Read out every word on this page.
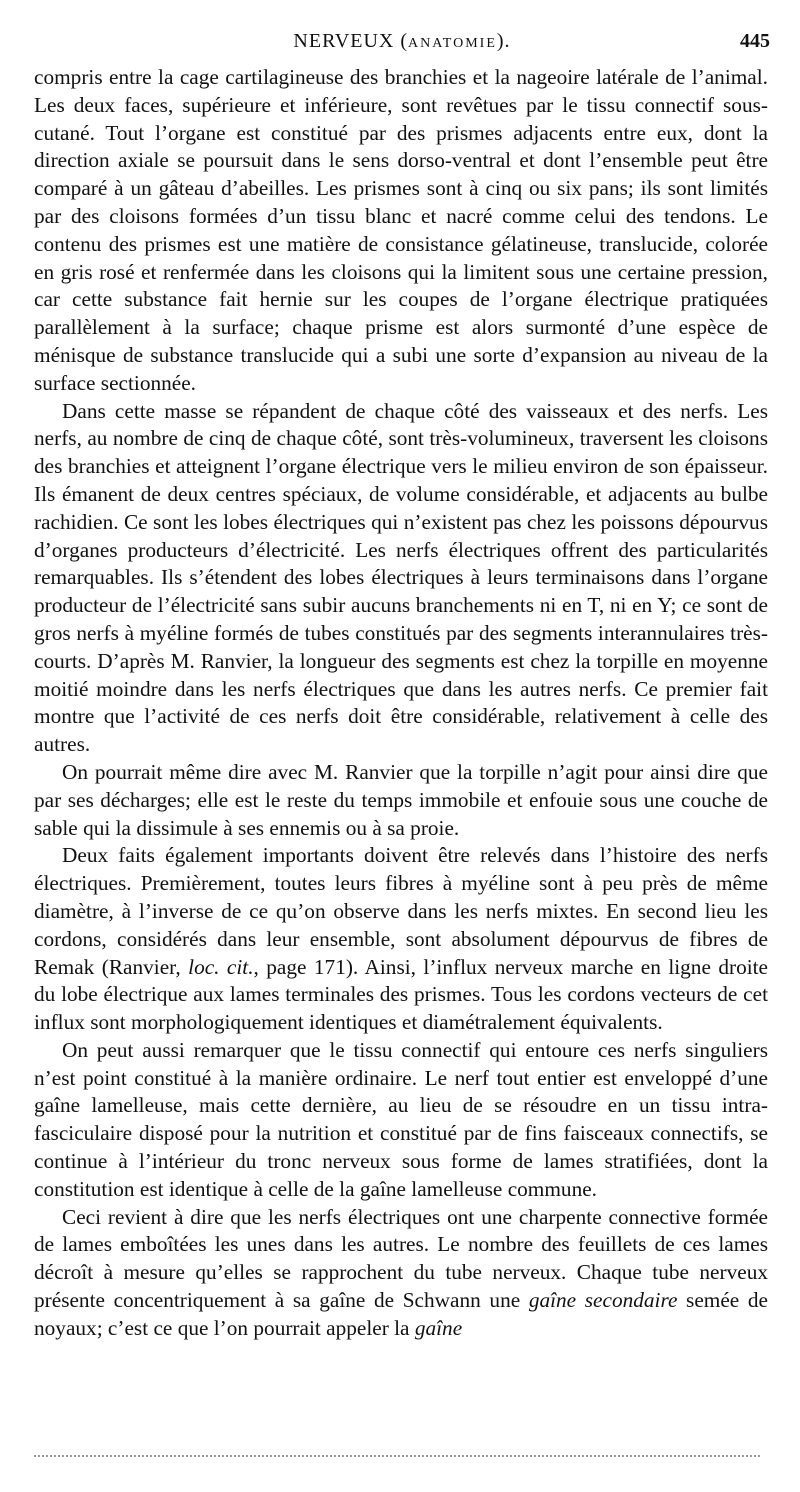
NERVEUX (ANATOMIE).	445

compris entre la cage cartilagineuse des branchies et la nageoire latérale de l’animal. Les deux faces, supérieure et inférieure, sont revêtues par le tissu connectif sous-cutané. Tout l’organe est constitué par des prismes adjacents entre eux, dont la direction axiale se poursuit dans le sens dorso-ventral et dont l’ensemble peut être comparé à un gâteau d’abeilles. Les prismes sont à cinq ou six pans; ils sont limités par des cloisons formées d’un tissu blanc et nacré comme celui des tendons. Le contenu des prismes est une matière de consistance gélatineuse, translucide, colorée en gris rosé et renfermée dans les cloisons qui la limitent sous une certaine pression, car cette substance fait hernie sur les coupes de l’organe électrique pratiquées parallèlement à la surface; chaque prisme est alors surmonté d’une espèce de ménisque de substance translucide qui a subi une sorte d’expansion au niveau de la surface sectionnée.

Dans cette masse se répandent de chaque côté des vaisseaux et des nerfs. Les nerfs, au nombre de cinq de chaque côté, sont très-volumineux, traversent les cloisons des branchies et atteignent l’organe électrique vers le milieu environ de son épaisseur. Ils émanent de deux centres spéciaux, de volume considérable, et adjacents au bulbe rachidien. Ce sont les lobes électriques qui n’existent pas chez les poissons dépourvus d’organes producteurs d’électricité. Les nerfs électriques offrent des particularités remarquables. Ils s’étendent des lobes électriques à leurs terminaisons dans l’organe producteur de l’électricité sans subir aucuns branchements ni en T, ni en Y; ce sont de gros nerfs à myéline formés de tubes constitués par des segments interannulaires très-courts. D’après M. Ranvier, la longueur des segments est chez la torpille en moyenne moitié moindre dans les nerfs électriques que dans les autres nerfs. Ce premier fait montre que l’activité de ces nerfs doit être considérable, relativement à celle des autres.

On pourrait même dire avec M. Ranvier que la torpille n’agit pour ainsi dire que par ses décharges; elle est le reste du temps immobile et enfouie sous une couche de sable qui la dissimule à ses ennemis ou à sa proie.

Deux faits également importants doivent être relevés dans l’histoire des nerfs électriques. Premièrement, toutes leurs fibres à myéline sont à peu près de même diamètre, à l’inverse de ce qu’on observe dans les nerfs mixtes. En second lieu les cordons, considérés dans leur ensemble, sont absolument dépourvus de fibres de Remak (Ranvier, loc. cit., page 171). Ainsi, l’influx nerveux marche en ligne droite du lobe électrique aux lames terminales des prismes. Tous les cordons vecteurs de cet influx sont morphologiquement identiques et diamétralement équivalents.

On peut aussi remarquer que le tissu connectif qui entoure ces nerfs singuliers n’est point constitué à la manière ordinaire. Le nerf tout entier est enveloppé d’une gaîne lamelleuse, mais cette dernière, au lieu de se résoudre en un tissu intra-fasciculaire disposé pour la nutrition et constitué par de fins faisceaux connectifs, se continue à l’intérieur du tronc nerveux sous forme de lames stratifiées, dont la constitution est identique à celle de la gaîne lamelleuse commune.

Ceci revient à dire que les nerfs électriques ont une charpente connective formée de lames emboîtées les unes dans les autres. Le nombre des feuillets de ces lames décroît à mesure qu’elles se rapprochent du tube nerveux. Chaque tube nerveux présente concentriquement à sa gaîne de Schwann une gaîne secondaire semée de noyaux; c’est ce que l’on pourrait appeler la gaîne
